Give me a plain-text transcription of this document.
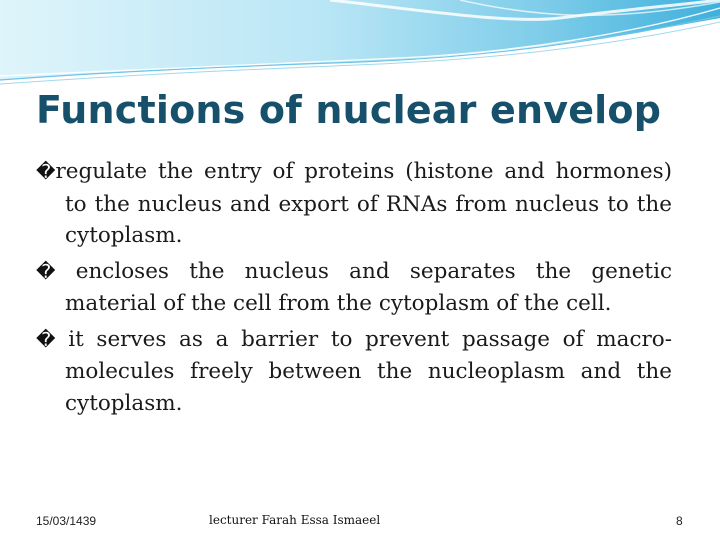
Functions of nuclear envelop

�regulate the entry of proteins (histone and hormones) to the nucleus and export of RNAs from nucleus to the cytoplasm.

� encloses the nucleus and separates the genetic material of the cell from the cytoplasm of the cell.

� it serves as a barrier to prevent passage of macro-molecules freely between the nucleoplasm and the cytoplasm.

15/03/1439	lecturer Farah Essa Ismaeel	8
